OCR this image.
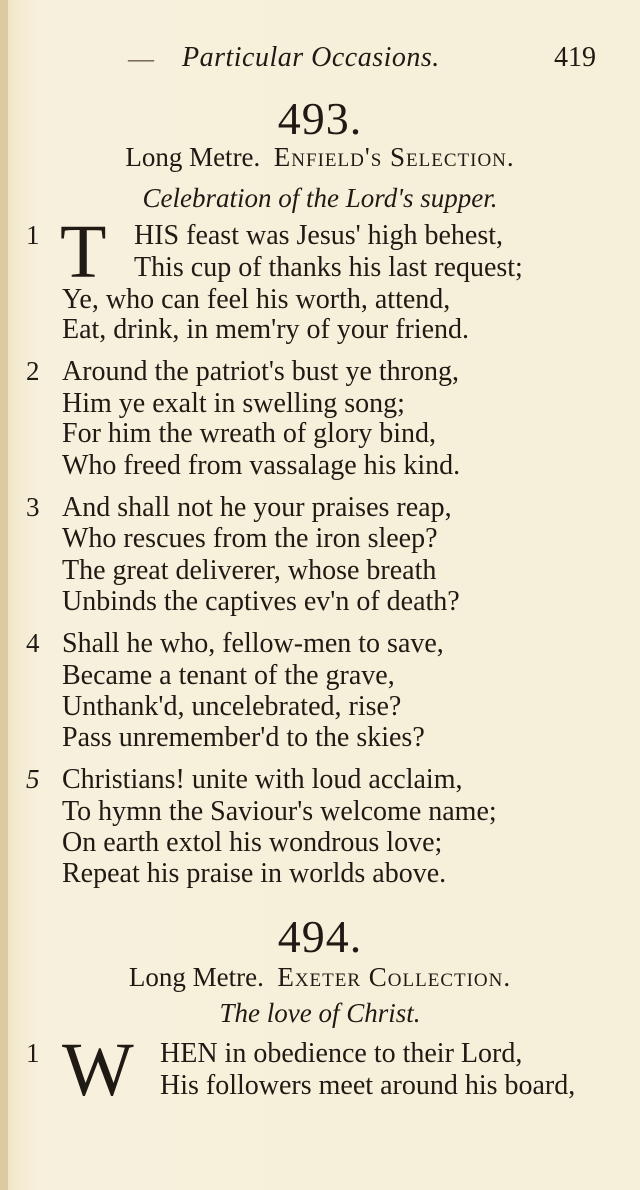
— Particular Occasions.	419
493.
Long Metre. Enfield's Selection.
Celebration of the Lord's supper.
1 T HIS feast was Jesus' high behest,
This cup of thanks his last request;
Ye, who can feel his worth, attend,
Eat, drink, in mem'ry of your friend.
2 Around the patriot's bust ye throng,
Him ye exalt in swelling song;
For him the wreath of glory bind,
Who freed from vassalage his kind.
3 And shall not he your praises reap,
Who rescues from the iron sleep?
The great deliverer, whose breath
Unbinds the captives ev'n of death?
4 Shall he who, fellow-men to save,
Became a tenant of the grave,
Unthank'd, uncelebrated, rise?
Pass unremember'd to the skies?
5 Christians! unite with loud acclaim,
To hymn the Saviour's welcome name;
On earth extol his wondrous love;
Repeat his praise in worlds above.
494.
Long Metre. Exeter Collection.
The love of Christ.
1 W HEN in obedience to their Lord,
His followers meet around his board,
